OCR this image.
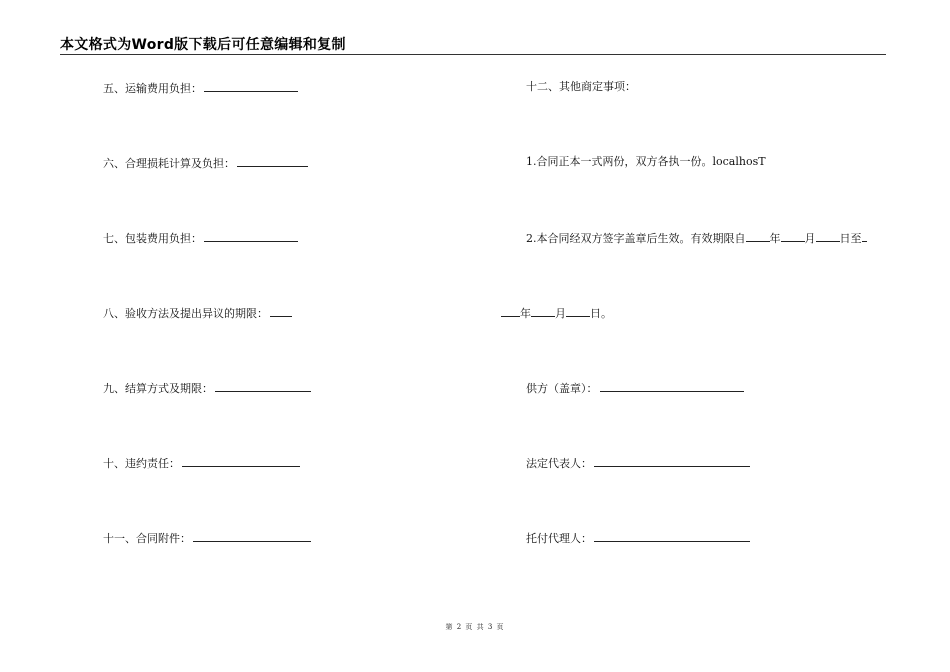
本文格式为Word版下载后可任意编辑和复制
五、运输费用负担：
六、合理损耗计算及负担：
七、包装费用负担：
八、验收方法及提出异议的期限：
九、结算方式及期限：
十、违约责任：
十一、合同附件：
十二、其他商定事项：
1.合同正本一式两份，双方各执一份。localhosT
2.本合同经双方签字盖章后生效。有效期限自 年 月 日至
年 月 日。
供方（盖章）：
法定代表人：
托付代理人：
第 2 页 共 3 页
